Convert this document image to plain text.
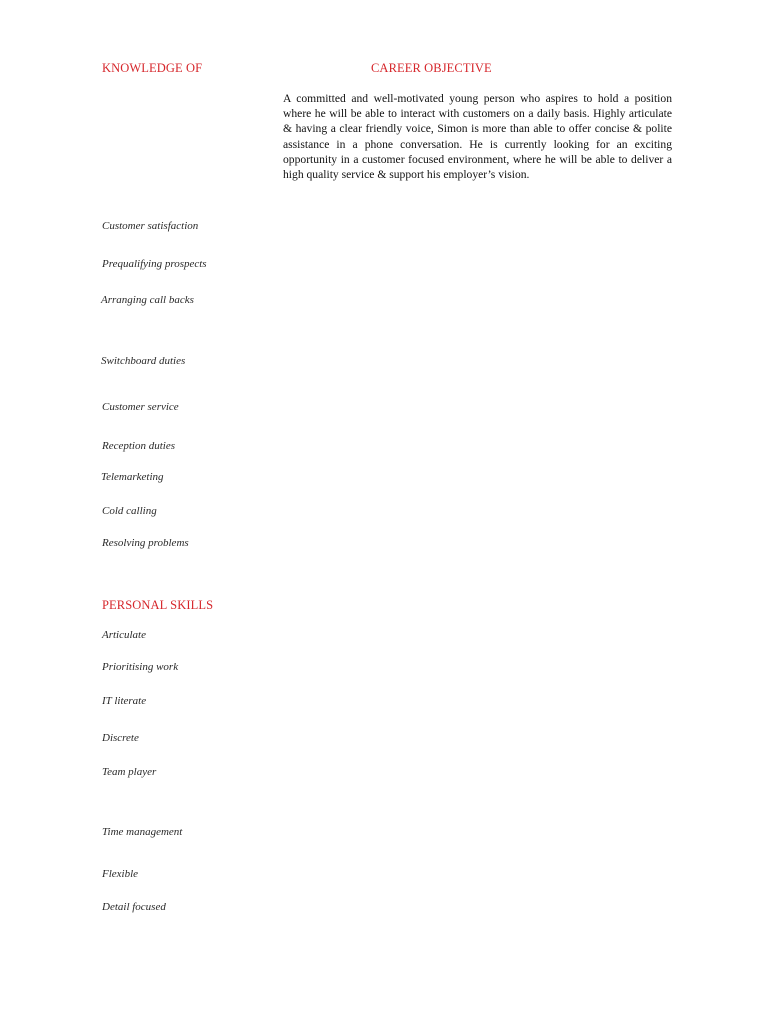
KNOWLEDGE OF	CAREER OBJECTIVE
A committed and well-motivated young person who aspires to hold a position where he will be able to interact with customers on a daily basis. Highly articulate & having a clear friendly voice, Simon is more than able to offer concise & polite assistance in a phone conversation. He is currently looking for an exciting opportunity in a customer focused environment, where he will be able to deliver a high quality service & support his employer’s vision.
Customer satisfaction
Prequalifying prospects
Arranging call backs
Switchboard duties
Customer service
Reception duties
Telemarketing
Cold calling
Resolving problems
PERSONAL SKILLS
Articulate
Prioritising work
IT literate
Discrete
Team player
Time management
Flexible
Detail focused
